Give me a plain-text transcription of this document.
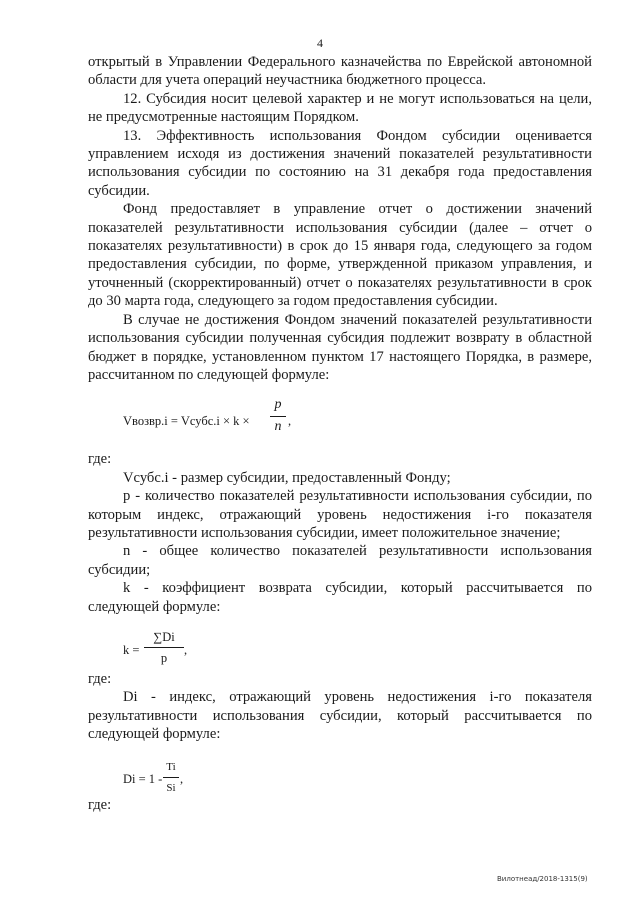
4

открытый в Управлении Федерального казначейства по Еврейской автономной области для учета операций неучастника бюджетного процесса.

12. Субсидия носит целевой характер и не могут использоваться на цели, не предусмотренные настоящим Порядком.

13. Эффективность использования Фондом субсидии оценивается управлением исходя из достижения значений показателей результативности использования субсидии по состоянию на 31 декабря года предоставления субсидии.

Фонд предоставляет в управление отчет о достижении значений показателей результативности использования субсидии (далее – отчет о показателях результативности) в срок до 15 января года, следующего за годом предоставления субсидии, по форме, утвержденной приказом управления, и уточненный (скорректированный) отчет о показателях результативности в срок до 30 марта года, следующего за годом предоставления субсидии.

В случае не достижения Фондом значений показателей результативности использования субсидии полученная субсидия подлежит возврату в областной бюджет в порядке, установленном пунктом 17 настоящего Порядка, в размере, рассчитанном по следующей формуле:

Vвозвр.i = Vсубс.i × k ×
p
n ,

где:

Vсубс.i - размер субсидии, предоставленный Фонду;

p - количество показателей результативности использования субсидии, по которым индекс, отражающий уровень недостижения i-го показателя результативности использования субсидии, имеет положительное значение;

n - общее количество показателей результативности использования субсидии;

k - коэффициент возврата субсидии, который рассчитывается по следующей формуле:

k =
∑Di
p
,

где:

Di - индекс, отражающий уровень недостижения i-го показателя результативности использования субсидии, который рассчитывается по следующей формуле:

Di = 1 -
Ti
Si
,

где:

Вилотнеад/2018-1315(9)
